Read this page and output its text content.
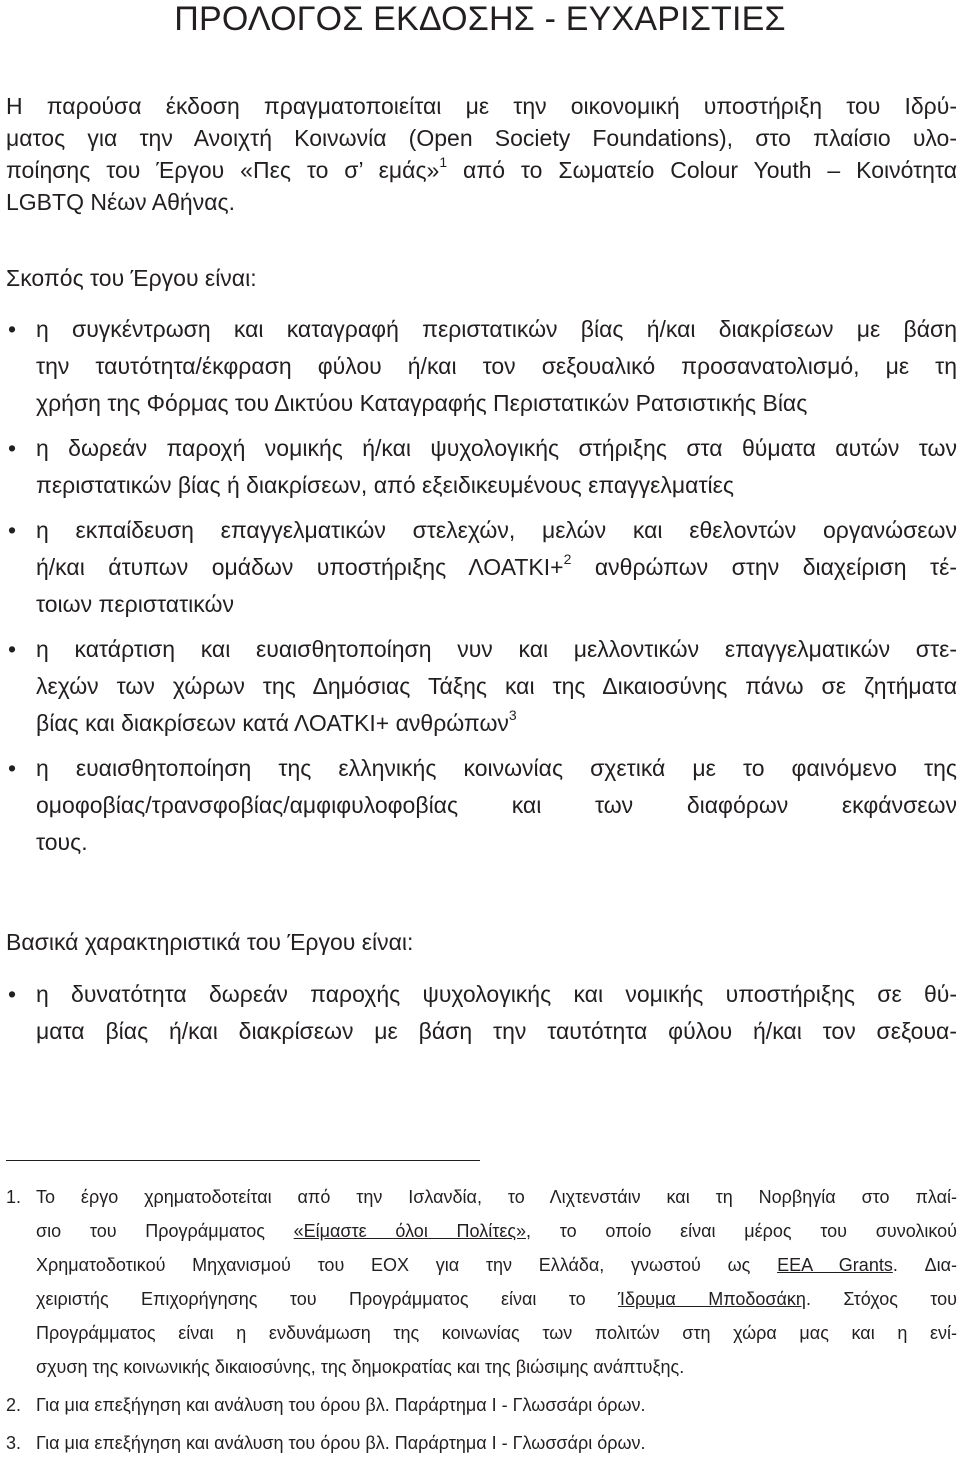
ΠΡΟΛΟΓΟΣ ΕΚΔΟΣΗΣ - ΕΥΧΑΡΙΣΤΙΕΣ
Η παρούσα έκδοση πραγματοποιείται με την οικονομική υποστήριξη του Ιδρύ-
ματος για την Ανοιχτή Κοινωνία (Open Society Foundations), στο πλαίσιο υλο-
ποίησης του Έργου «Πες το σ’ εμάς»$^1$ από το Σωματείο Colour Youth – Κοινότητα
LGBTQ Νέων Αθήνας.
Σκοπός του Έργου είναι:
• η συγκέντρωση και καταγραφή περιστατικών βίας ή/και διακρίσεων με βάση
την ταυτότητα/έκφραση φύλου ή/και τον σεξουαλικό προσανατολισμό, με τη
χρήση της Φόρμας του Δικτύου Καταγραφής Περιστατικών Ρατσιστικής Βίας
• η δωρεάν παροχή νομικής ή/και ψυχολογικής στήριξης στα θύματα αυτών των
περιστατικών βίας ή διακρίσεων, από εξειδικευμένους επαγγελματίες
• η εκπαίδευση επαγγελματικών στελεχών, μελών και εθελοντών οργανώσεων
ή/και άτυπων ομάδων υποστήριξης ΛΟΑΤΚΙ+$^2$ ανθρώπων στην διαχείριση τέ-
τοιων περιστατικών
• η κατάρτιση και ευαισθητοποίηση νυν και μελλοντικών επαγγελματικών στε-
λεχών των χώρων της Δημόσιας Τάξης και της Δικαιοσύνης πάνω σε ζητήματα
βίας και διακρίσεων κατά ΛΟΑΤΚΙ+ ανθρώπων$^3$
• η ευαισθητοποίηση της ελληνικής κοινωνίας σχετικά με το φαινόμενο της
ομοφοβίας/τρανσφοβίας/αμφιφυλοφοβίας και των διαφόρων εκφάνσεων
τους.
Βασικά χαρακτηριστικά του Έργου είναι:
• η δυνατότητα δωρεάν παροχής ψυχολογικής και νομικής υποστήριξης σε θύ-
ματα βίας ή/και διακρίσεων με βάση την ταυτότητα φύλου ή/και τον σεξουα-
1. Το έργο χρηματοδοτείται από την Ισλανδία, το Λιχτενστάιν και τη Νορβηγία στο πλαί-
σιο του Προγράμματος «Είμαστε όλοι Πολίτες», το οποίο είναι μέρος του συνολικού
Χρηματοδοτικού Μηχανισμού του ΕΟΧ για την Ελλάδα, γνωστού ως EEA Grants. Δια-
χειριστής Επιχορήγησης του Προγράμματος είναι το Ίδρυμα Μποδοσάκη. Στόχος του
Προγράμματος είναι η ενδυνάμωση της κοινωνίας των πολιτών στη χώρα μας και η ενί-
σχυση της κοινωνικής δικαιοσύνης, της δημοκρατίας και της βιώσιμης ανάπτυξης.
2. Για μια επεξήγηση και ανάλυση του όρου βλ. Παράρτημα Ι - Γλωσσάρι όρων.
3. Για μια επεξήγηση και ανάλυση του όρου βλ. Παράρτημα Ι - Γλωσσάρι όρων.
